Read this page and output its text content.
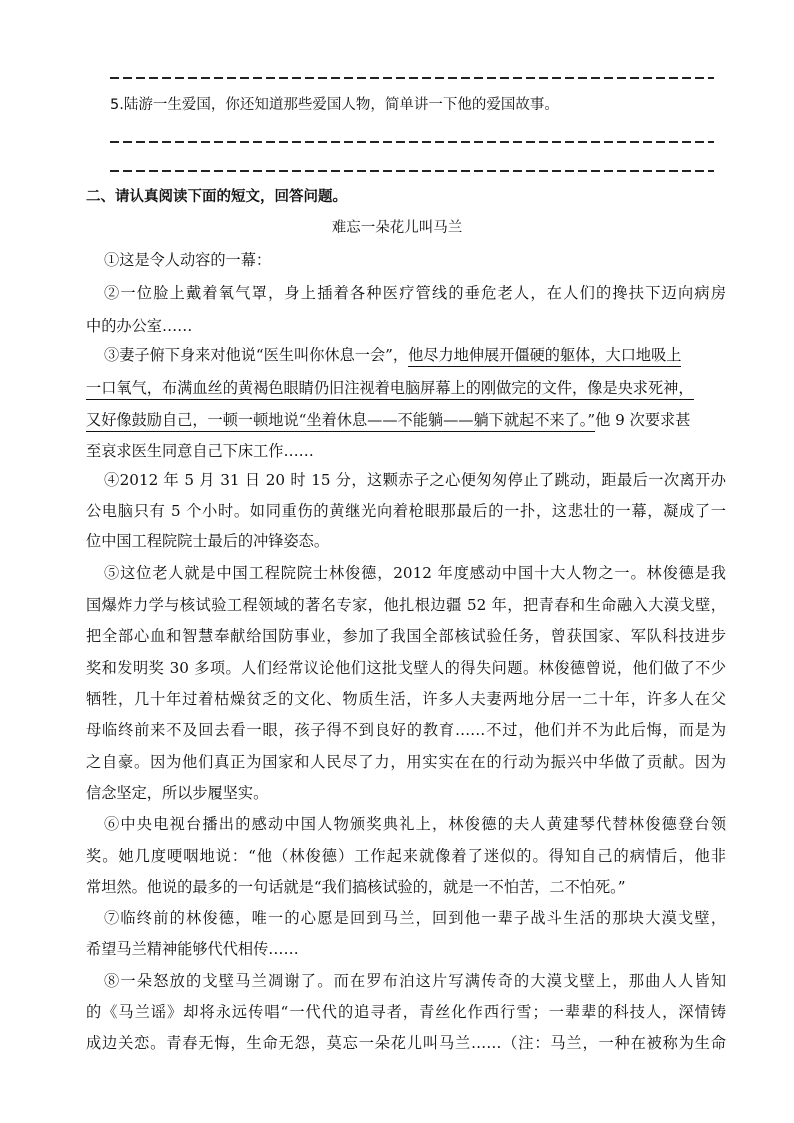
5.陆游一生爱国，你还知道那些爱国人物，简单讲一下他的爱国故事。
二、请认真阅读下面的短文，回答问题。
难忘一朵花儿叫马兰
①这是令人动容的一幕：
②一位脸上戴着氧气罩，身上插着各种医疗管线的垂危老人，在人们的搀扶下迈向病房
中的办公室……
③妻子俯下身来对他说“医生叫你休息一会”，他尽力地伸展开僵硬的躯体，大口地吸上
一口氧气，布满血丝的黄褐色眼睛仍旧注视着电脑屏幕上的刚做完的文件，像是央求死神，
又好像鼓励自己，一顿一顿地说“坐着休息——不能躺——躺下就起不来了。”他 9 次要求甚
至哀求医生同意自己下床工作……
④2012 年 5 月 31 日 20 时 15 分，这颗赤子之心便匆匆停止了跳动，距最后一次离开办
公电脑只有 5 个小时。如同重伤的黄继光向着枪眼那最后的一扑，这悲壮的一幕，凝成了一
位中国工程院院士最后的冲锋姿态。
⑤这位老人就是中国工程院院士林俊德，2012 年度感动中国十大人物之一。林俊德是我
国爆炸力学与核试验工程领域的著名专家，他扎根边疆 52 年，把青春和生命融入大漠戈壁，
把全部心血和智慧奉献给国防事业，参加了我国全部核试验任务，曾获国家、军队科技进步
奖和发明奖 30 多项。人们经常议论他们这批戈壁人的得失问题。林俊德曾说，他们做了不少
牺牲，几十年过着枯燥贫乏的文化、物质生活，许多人夫妻两地分居一二十年，许多人在父
母临终前来不及回去看一眼，孩子得不到良好的教育……不过，他们并不为此后悔，而是为
之自豪。因为他们真正为国家和人民尽了力，用实实在在的行动为振兴中华做了贡献。因为
信念坚定，所以步履坚实。
⑥中央电视台播出的感动中国人物颁奖典礼上，林俊德的夫人黄建琴代替林俊德登台领
奖。她几度哽咽地说：“他（林俊德）工作起来就像着了迷似的。得知自己的病情后，他非
常坦然。他说的最多的一句话就是“我们搞核试验的，就是一不怕苦，二不怕死。”
⑦临终前的林俊德，唯一的心愿是回到马兰，回到他一辈子战斗生活的那块大漠戈壁，
希望马兰精神能够代代相传……
⑧一朵怒放的戈壁马兰凋谢了。而在罗布泊这片写满传奇的大漠戈壁上，那曲人人皆知
的《马兰谣》却将永远传唱“一代代的追寻者，青丝化作西行雪；一辈辈的科技人，深情铸
成边关恋。青春无悔，生命无怨，莫忘一朵花儿叫马兰……（注：马兰，一种在被称为生命
